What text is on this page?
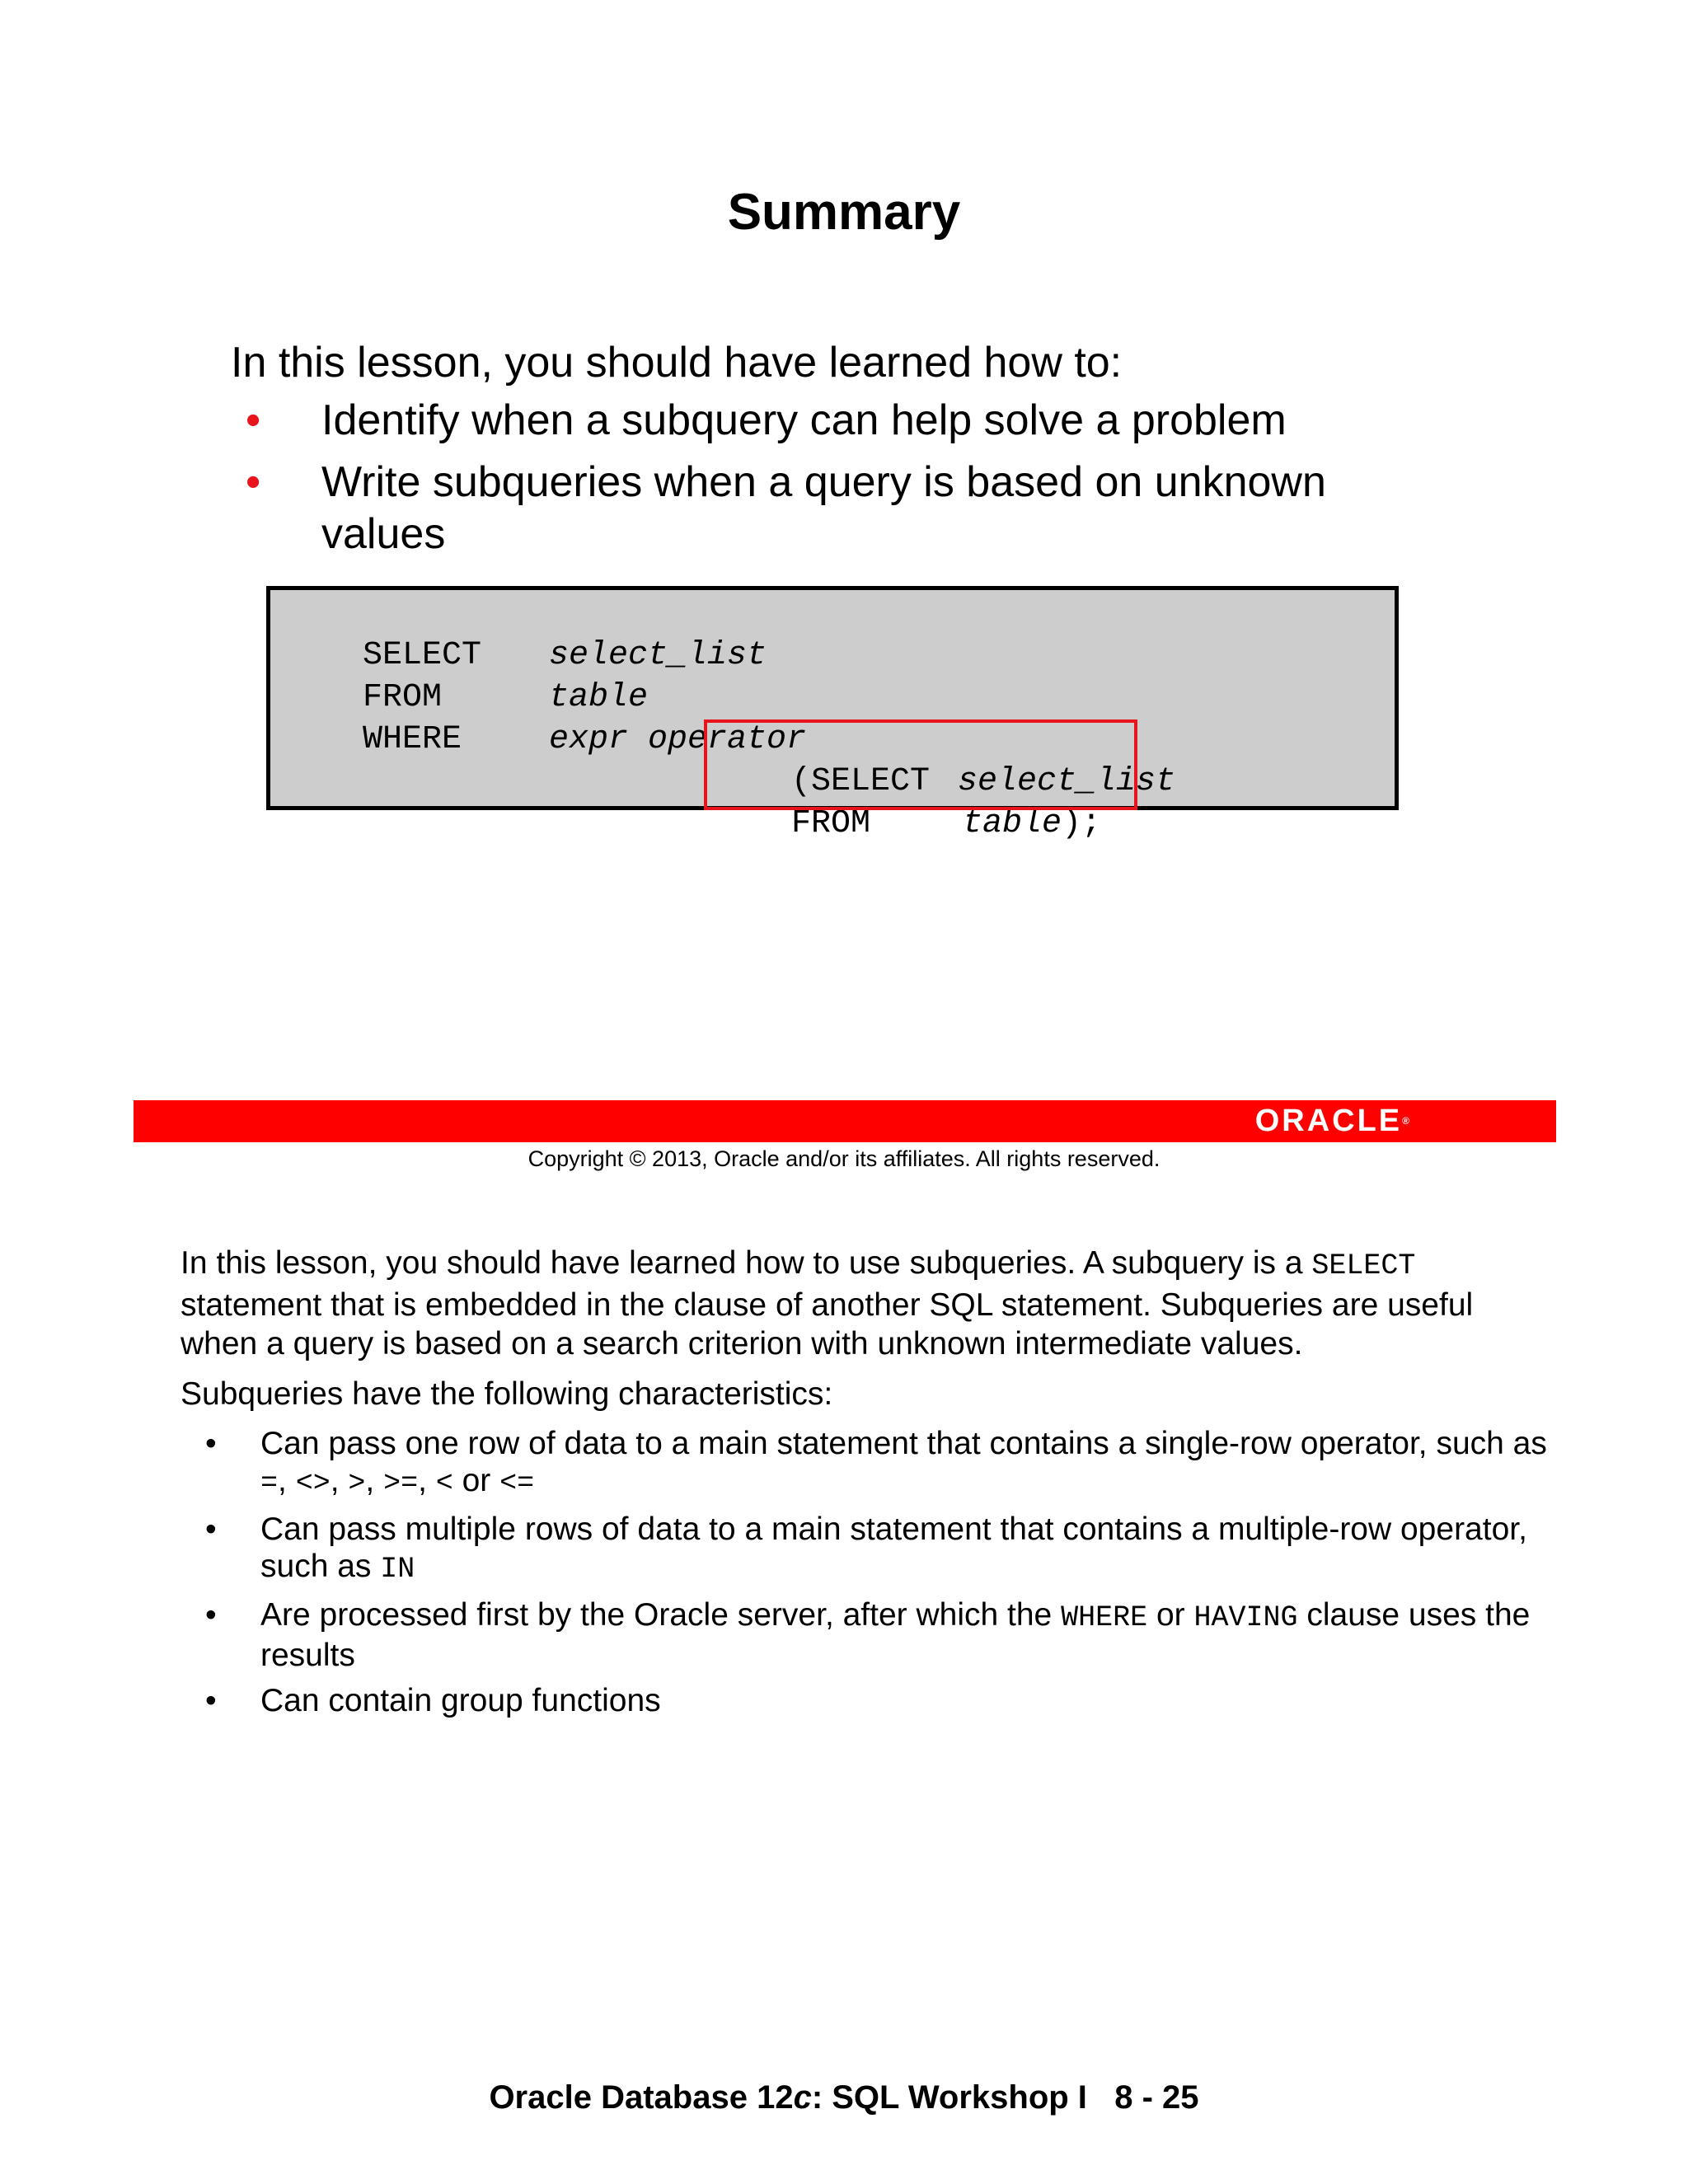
Summary
In this lesson, you should have learned how to:
• Identify when a subquery can help solve a problem
• Write subqueries when a query is based on unknown values

SELECT
	select_list

FROM
	table

WHERE
	expr operator

(SELECT
select_list

FROM
	table);

ORACLE®
Copyright © 2013, Oracle and/or its affiliates. All rights reserved.

In this lesson, you should have learned how to use subqueries. A subquery is a SELECT statement that is embedded in the clause of another SQL statement. Subqueries are useful when a query is based on a search criterion with unknown intermediate values.

Subqueries have the following characteristics:

• Can pass one row of data to a main statement that contains a single-row operator, such as =, <>, >, >=, < or <=
• Can pass multiple rows of data to a main statement that contains a multiple-row operator, such as IN
• Are processed first by the Oracle server, after which the WHERE or HAVING clause uses the results
• Can contain group functions
Oracle Database 12c: SQL Workshop I   8 - 25
